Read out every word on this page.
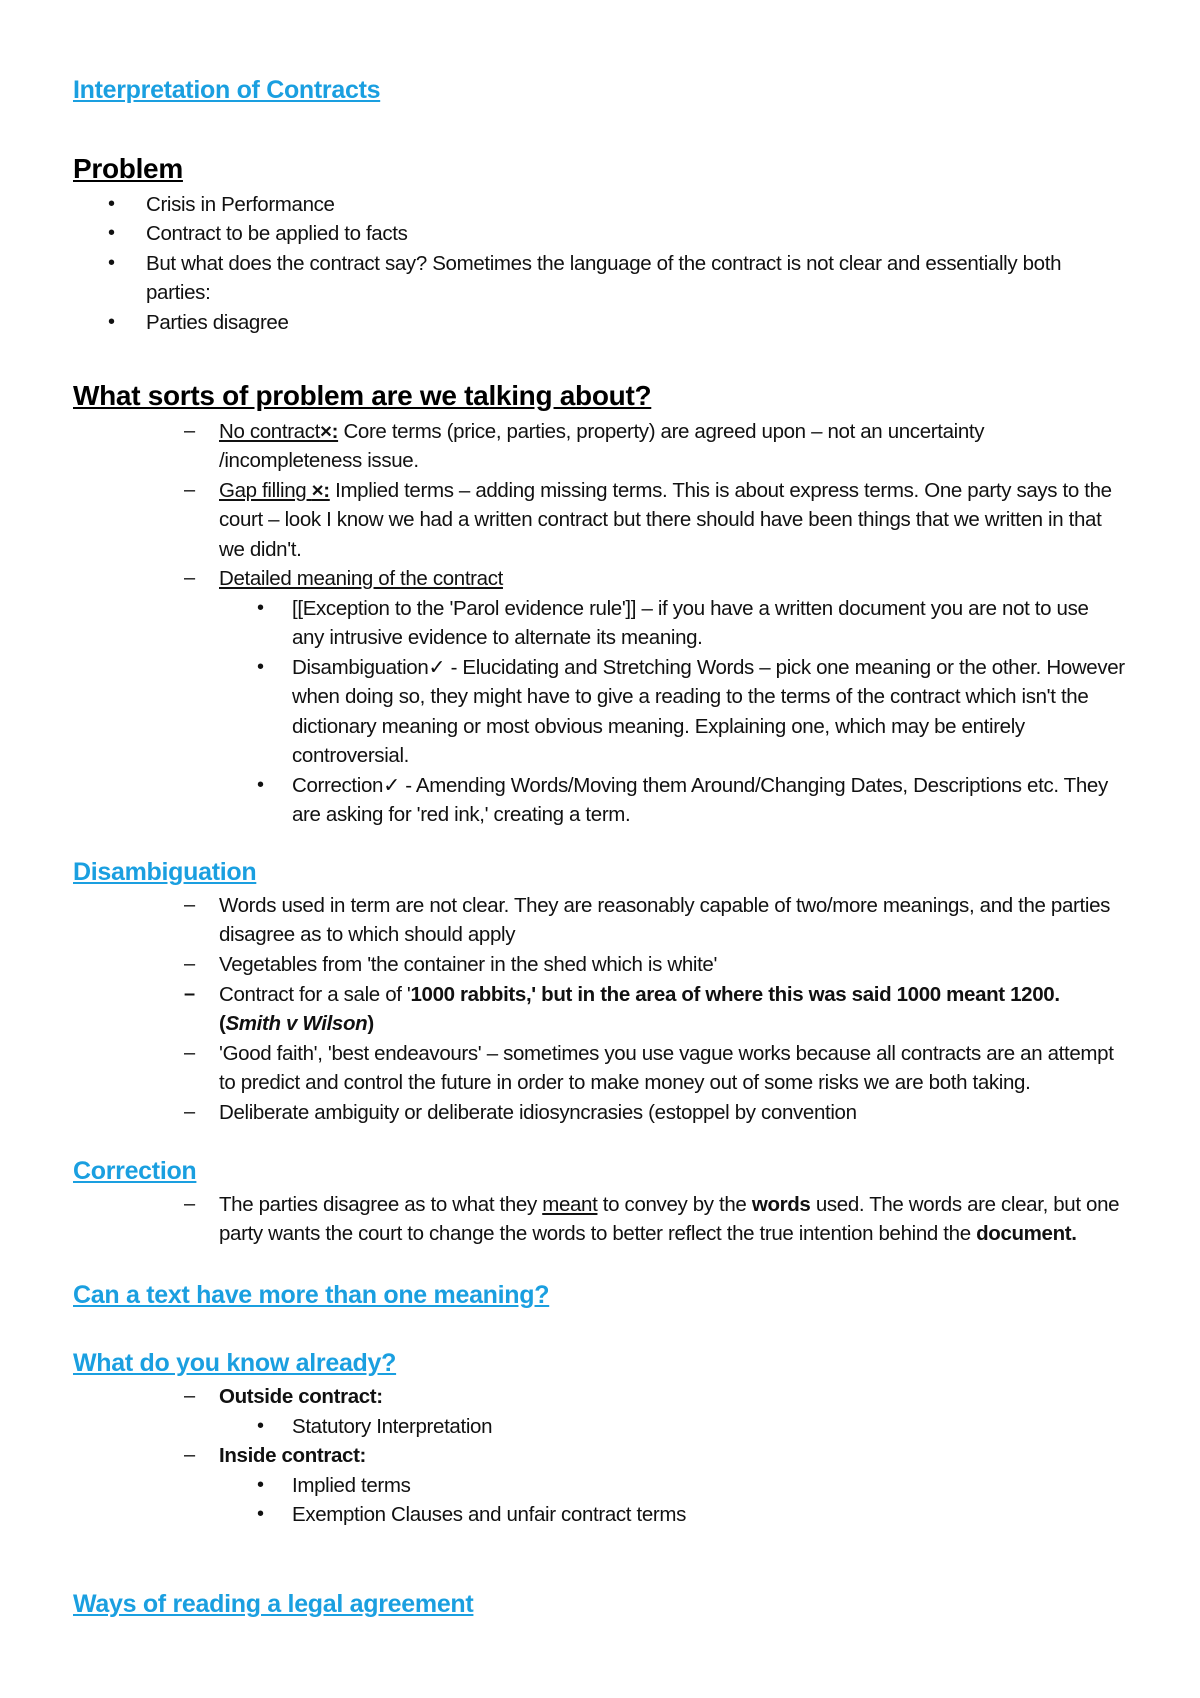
Interpretation of Contracts
Problem
• Crisis in Performance

• Contract to be applied to facts

• But what does the contract say? Sometimes the language of the contract is not clear and essentially both

parties:

• Parties disagree

What sorts of problem are we talking about?
– No contract×: Core terms (price, parties, property) are agreed upon – not an uncertainty

/incompleteness issue.

– Gap filling ×: Implied terms – adding missing terms. This is about express terms. One party says to the

court – look I know we had a written contract but there should have been things that we written in that

we didn't.

– Detailed meaning of the contract

• [[Exception to the 'Parol evidence rule']] – if you have a written document you are not to use

any intrusive evidence to alternate its meaning.

• Disambiguation✓ - Elucidating and Stretching Words – pick one meaning or the other. However

when doing so, they might have to give a reading to the terms of the contract which isn't the

dictionary meaning or most obvious meaning. Explaining one, which may be entirely

controversial.

• Correction✓ - Amending Words/Moving them Around/Changing Dates, Descriptions etc. They

are asking for 'red ink,' creating a term.

Disambiguation
– Words used in term are not clear. They are reasonably capable of two/more meanings, and the parties

disagree as to which should apply

– Vegetables from 'the container in the shed which is white'

– Contract for a sale of '1000 rabbits,' but in the area of where this was said 1000 meant 1200.

(Smith v Wilson)

– 'Good faith', 'best endeavours' – sometimes you use vague works because all contracts are an attempt

to predict and control the future in order to make money out of some risks we are both taking.

– Deliberate ambiguity or deliberate idiosyncrasies (estoppel by convention

Correction
– The parties disagree as to what they meant to convey by the words used. The words are clear, but one

party wants the court to change the words to better reflect the true intention behind the document.

Can a text have more than one meaning?
What do you know already?
– Outside contract:

• Statutory Interpretation

– Inside contract:

• Implied terms

• Exemption Clauses and unfair contract terms

Ways of reading a legal agreement
